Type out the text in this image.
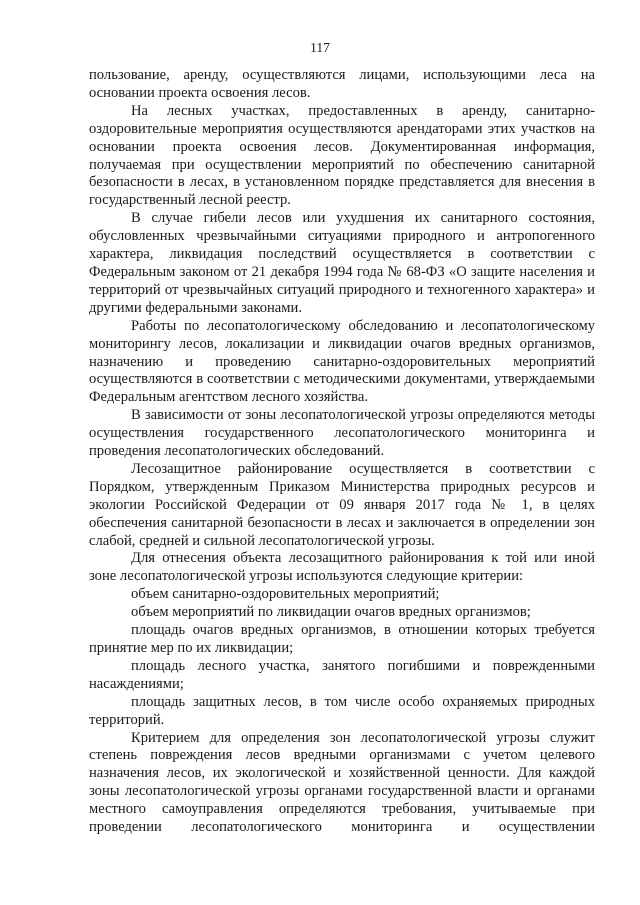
117

пользование, аренду, осуществляются лицами, использующими леса на основании проекта освоения лесов.

На лесных участках, предоставленных в аренду, санитарно-оздоровительные мероприятия осуществляются арендаторами этих участков на основании проекта освоения лесов. Документированная информация, получаемая при осуществлении мероприятий по обеспечению санитарной безопасности в лесах, в установленном порядке представляется для внесения в государственный лесной реестр.

В случае гибели лесов или ухудшения их санитарного состояния, обусловленных чрезвычайными ситуациями природного и антропогенного характера, ликвидация последствий осуществляется в соответствии с Федеральным законом от 21 декабря 1994 года № 68-ФЗ «О защите населения и территорий от чрезвычайных ситуаций природного и техногенного характера» и другими федеральными законами.

Работы по лесопатологическому обследованию и лесопатологическому мониторингу лесов, локализации и ликвидации очагов вредных организмов, назначению и проведению санитарно-оздоровительных мероприятий осуществляются в соответствии с методическими документами, утверждаемыми Федеральным агентством лесного хозяйства.

В зависимости от зоны лесопатологической угрозы определяются методы осуществления государственного лесопатологического мониторинга и проведения лесопатологических обследований.

Лесозащитное районирование осуществляется в соответствии с Порядком, утвержденным Приказом Министерства природных ресурсов и экологии Российской Федерации от 09 января 2017 года № 1, в целях обеспечения санитарной безопасности в лесах и заключается в определении зон слабой, средней и сильной лесопатологической угрозы.

Для отнесения объекта лесозащитного районирования к той или иной зоне лесопатологической угрозы используются следующие критерии:

объем санитарно-оздоровительных мероприятий;

объем мероприятий по ликвидации очагов вредных организмов;

площадь очагов вредных организмов, в отношении которых требуется принятие мер по их ликвидации;

площадь лесного участка, занятого погибшими и поврежденными насаждениями;

площадь защитных лесов, в том числе особо охраняемых природных территорий.

Критерием для определения зон лесопатологической угрозы служит степень повреждения лесов вредными организмами с учетом целевого назначения лесов, их экологической и хозяйственной ценности. Для каждой зоны лесопатологической угрозы органами государственной власти и органами местного самоуправления определяются требования, учитываемые при проведении лесопатологического мониторинга и осуществлении
